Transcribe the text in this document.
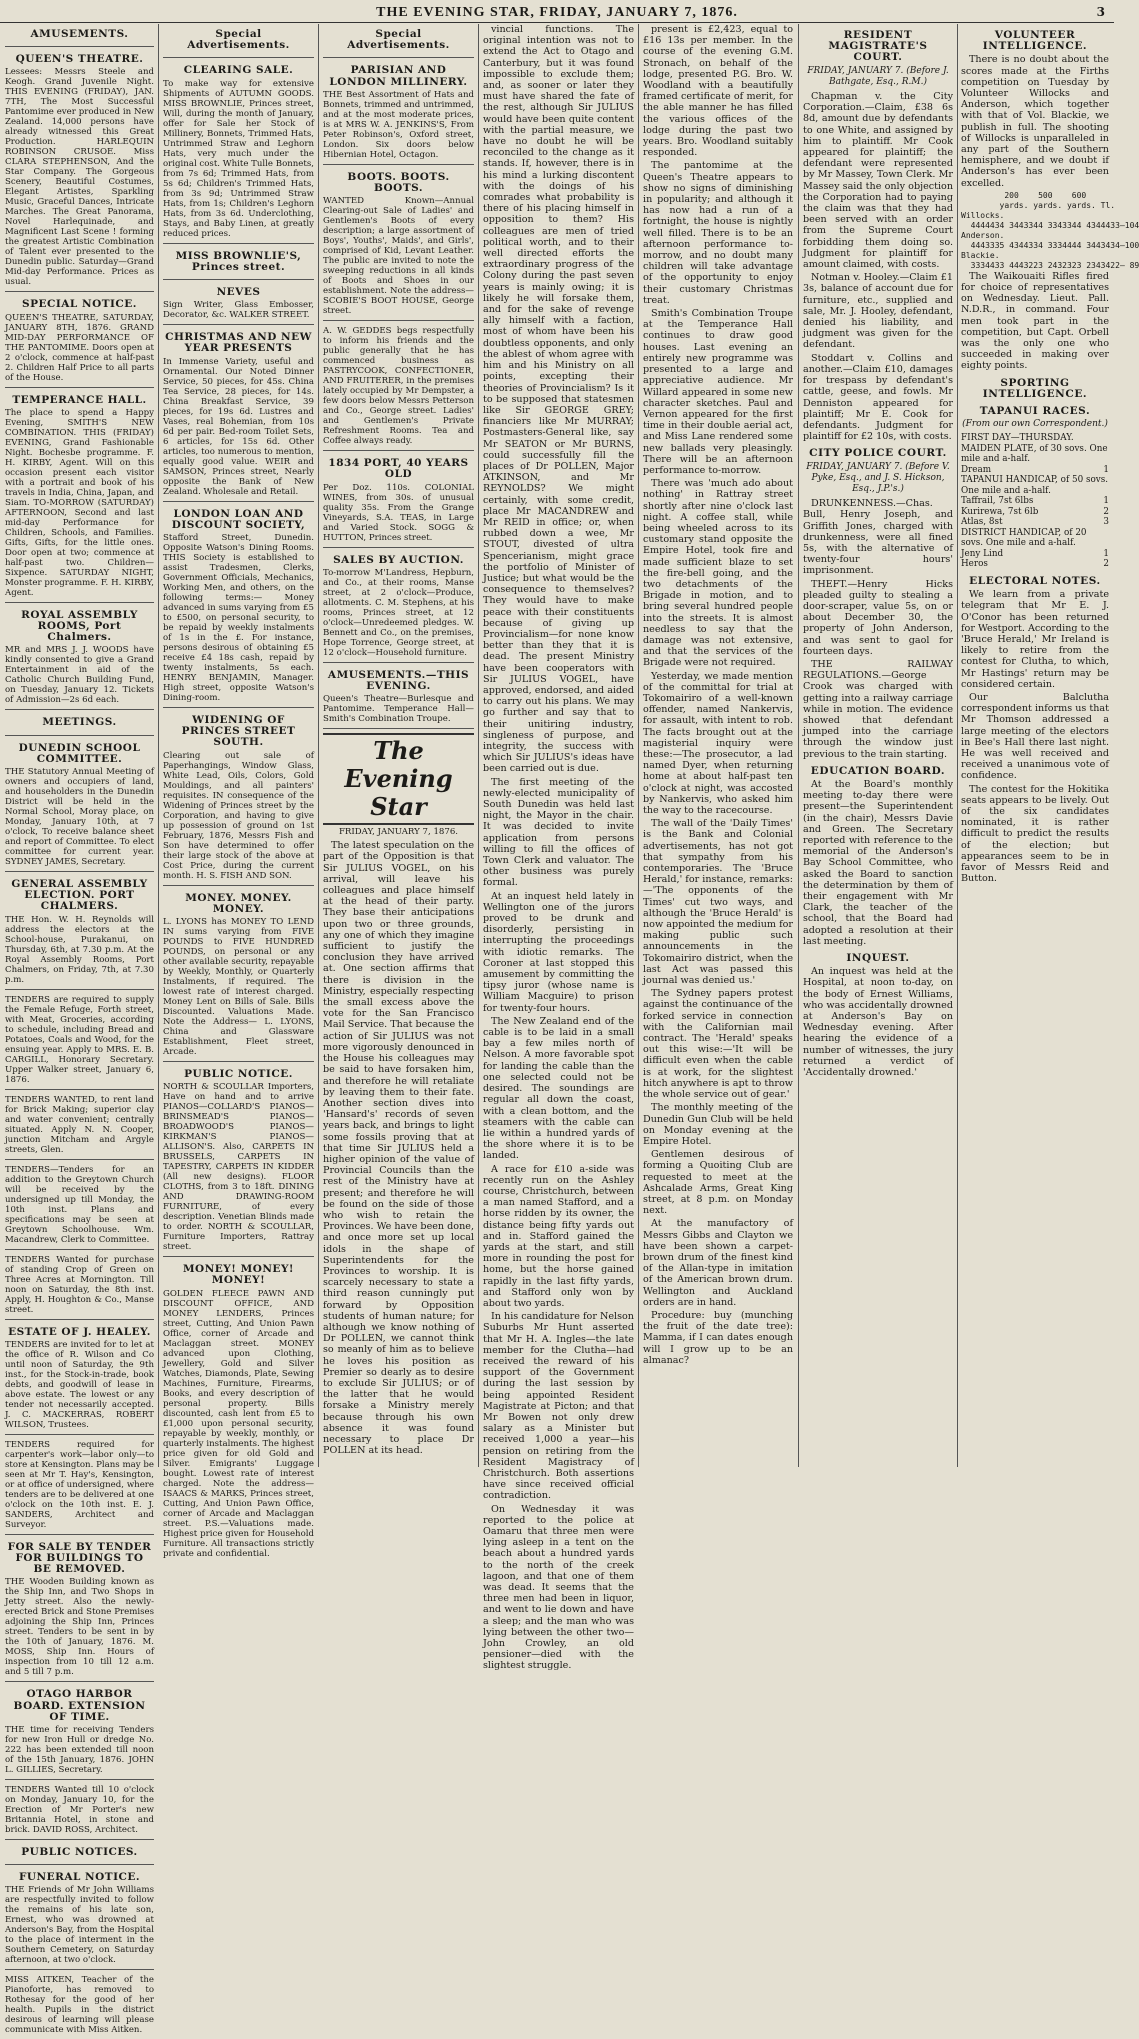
THE EVENING STAR, FRIDAY, JANUARY 7, 1876.	3
AMUSEMENTS.
QUEEN'S THEATRE.
Lessees: Messrs Steele and Keogh. Grand Juvenile Night. THIS EVENING (FRIDAY), JAN. 7TH, The Most Successful Pantomime ever produced in New Zealand. 14,000 persons have already witnessed this Great Production. HARLEQUIN ROBINSON CRUSOE. Miss CLARA STEPHENSON, And the Star Company. The Gorgeous Scenery, Beautiful Costumes, Elegant Artistes, Sparkling Music, Graceful Dances, Intricate Marches. The Great Panorama, Novel Harlequinade, and Magnificent Last Scene ! forming the greatest Artistic Combination of Talent ever presented to the Dunedin public. Saturday—Grand Mid-day Performance. Prices as usual.
SPECIAL NOTICE.
QUEEN'S THEATRE, SATURDAY, JANUARY 8TH, 1876. GRAND MID-DAY PERFORMANCE OF THE PANTOMIME. Doors open at 2 o'clock, commence at half-past 2. Children Half Price to all parts of the House.
TEMPERANCE HALL.
The place to spend a Happy Evening, SMITH'S NEW COMBINATION. THIS (FRIDAY) EVENING, Grand Fashionable Night. Bochesbe programme. F. H. KIRBY, Agent. Will on this occasion present each visitor with a portrait and book of his travels in India, China, Japan, and Siam. TO-MORROW (SATURDAY) AFTERNOON, Second and last mid-day Performance for Children, Schools, and Families. Gifts, Gifts, for the little ones. Door open at two; commence at half-past two. Children—Sixpence. SATURDAY NIGHT, Monster programme. F. H. KIRBY, Agent.
ROYAL ASSEMBLY ROOMS, Port Chalmers.
MR and MRS J. J. WOODS have kindly consented to give a Grand Entertainment in aid of the Catholic Church Building Fund, on Tuesday, January 12. Tickets of Admission—2s 6d each.
MEETINGS.
DUNEDIN SCHOOL COMMITTEE.
THE Statutory Annual Meeting of owners and occupiers of land, and householders in the Dunedin District will be held in the Normal School, Moray place, on Monday, January 10th, at 7 o'clock, To receive balance sheet and report of Committee. To elect committee for current year. SYDNEY JAMES, Secretary.
GENERAL ASSEMBLY ELECTION. PORT CHALMERS.
THE Hon. W. H. Reynolds will address the electors at the School-house, Purakanui, on Thursday, 6th, at 7.30 p.m. At the Royal Assembly Rooms, Port Chalmers, on Friday, 7th, at 7.30 p.m.
TENDERS are required to supply the Female Refuge, Forth street, with Meat, Groceries, according to schedule, including Bread and Potatoes, Coals and Wood, for the ensuing year. Apply to MRS. E. B. CARGILL, Honorary Secretary. Upper Walker street, January 6, 1876.
TENDERS WANTED, to rent land for Brick Making; superior clay and water convenient; centrally situated. Apply N. N. Cooper, junction Mitcham and Argyle streets, Glen.
TENDERS—Tenders for an addition to the Greytown Church will be received by the undersigned up till Monday, the 10th inst. Plans and specifications may be seen at Greytown Schoolhouse. Wm. Macandrew, Clerk to Committee.
TENDERS Wanted for purchase of standing Crop of Green on Three Acres at Mornington. Till noon on Saturday, the 8th inst. Apply, H. Houghton & Co., Manse street.
ESTATE OF J. HEALEY.
TENDERS are invited for to let at the office of R. Wilson and Co until noon of Saturday, the 9th inst., for the Stock-in-trade, book debts, and goodwill of lease in above estate. The lowest or any tender not necessarily accepted. J. C. MACKERRAS, ROBERT WILSON, Trustees.
TENDERS required for carpenter's work—labor only—to store at Kensington. Plans may be seen at Mr T. Hay's, Kensington, or at office of undersigned, where tenders are to be delivered at one o'clock on the 10th inst. E. J. SANDERS, Architect and Surveyor.
FOR SALE BY TENDER FOR BUILDINGS TO BE REMOVED.
THE Wooden Building known as the Ship Inn, and Two Shops in Jetty street. Also the newly-erected Brick and Stone Premises adjoining the Ship Inn, Princes street. Tenders to be sent in by the 10th of January, 1876. M. MOSS, Ship Inn. Hours of inspection from 10 till 12 a.m. and 5 till 7 p.m.
OTAGO HARBOR BOARD. EXTENSION OF TIME.
THE time for receiving Tenders for new Iron Hull or dredge No. 222 has been extended till noon of the 15th January, 1876. JOHN L. GILLIES, Secretary.
TENDERS Wanted till 10 o'clock on Monday, January 10, for the Erection of Mr Porter's new Britannia Hotel, in stone and brick. DAVID ROSS, Architect.
PUBLIC NOTICES.
FUNERAL NOTICE.
THE Friends of Mr John Williams are respectfully invited to follow the remains of his late son, Ernest, who was drowned at Anderson's Bay, from the Hospital to the place of interment in the Southern Cemetery, on Saturday afternoon, at two o'clock.
MISS AITKEN, Teacher of the Pianoforte, has removed to Rothesay for the good of her health. Pupils in the district desirous of learning will please communicate with Miss Aitken.
Special Advertisements.
CLEARING SALE.
To make way for extensive Shipments of AUTUMN GOODS. MISS BROWNLIE, Princes street, Will, during the month of January, offer for Sale her Stock of Millinery, Bonnets, Trimmed Hats, Untrimmed Straw and Leghorn Hats, very much under the original cost. White Tulle Bonnets, from 7s 6d; Trimmed Hats, from 5s 6d; Children's Trimmed Hats, from 3s 9d; Untrimmed Straw Hats, from 1s; Children's Leghorn Hats, from 3s 6d. Underclothing, Stays, and Baby Linen, at greatly reduced prices.
MISS BROWNLIE'S, Princes street.
NEVES
Sign Writer, Glass Embosser, Decorator, &c. WALKER STREET.
CHRISTMAS AND NEW YEAR PRESENTS
In Immense Variety, useful and Ornamental. Our Noted Dinner Service, 50 pieces, for 45s. China Tea Service, 28 pieces, for 14s. China Breakfast Service, 39 pieces, for 19s 6d. Lustres and Vases, real Bohemian, from 10s 6d per pair. Bed-room Toilet Sets, 6 articles, for 15s 6d. Other articles, too numerous to mention, equally good value. WEIR and SAMSON, Princes street, Nearly opposite the Bank of New Zealand. Wholesale and Retail.
LONDON LOAN AND DISCOUNT SOCIETY,
Stafford Street, Dunedin. Opposite Watson's Dining Rooms. THIS Society is established to assist Tradesmen, Clerks, Government Officials, Mechanics, Working Men, and others, on the following terms:— Money advanced in sums varying from £5 to £500, on personal security, to be repaid by weekly instalments of 1s in the £. For instance, persons desirous of obtaining £5 receive £4 18s cash, repaid by twenty instalments, 5s each. HENRY BENJAMIN, Manager. High street, opposite Watson's Dining-room.
WIDENING OF PRINCES STREET SOUTH.
Clearing out sale of Paperhangings, Window Glass, White Lead, Oils, Colors, Gold Mouldings, and all painters' requisites. IN consequence of the Widening of Princes street by the Corporation, and having to give up possession of ground on 1st February, 1876, Messrs Fish and Son have determined to offer their large stock of the above at Cost Price, during the current month. H. S. FISH AND SON.
MONEY. MONEY. MONEY.
L. LYONS has MONEY TO LEND IN sums varying from FIVE POUNDS to FIVE HUNDRED POUNDS, on personal or any other available security, repayable by Weekly, Monthly, or Quarterly Instalments, if required. The lowest rate of interest charged. Money Lent on Bills of Sale. Bills Discounted. Valuations Made. Note the Address— L. LYONS, China and Glassware Establishment, Fleet street, Arcade.
PUBLIC NOTICE.
NORTH & SCOULLAR Importers, Have on hand and to arrive PIANOS—COLLARD'S PIANOS—BRINSMEAD'S PIANOS—BROADWOOD'S PIANOS—KIRKMAN'S PIANOS—ALLISON'S. Also, CARPETS IN BRUSSELS, CARPETS IN TAPESTRY, CARPETS IN KIDDER (All new designs). FLOOR CLOTHS, from 3 to 18ft. DINING AND DRAWING-ROOM FURNITURE, of every description. Venetian Blinds made to order. NORTH & SCOULLAR, Furniture Importers, Rattray street.
MONEY! MONEY! MONEY!
GOLDEN FLEECE PAWN AND DISCOUNT OFFICE, AND MONEY LENDERS, Princes street, Cutting, And Union Pawn Office, corner of Arcade and Maclaggan street. MONEY advanced upon Clothing, Jewellery, Gold and Silver Watches, Diamonds, Plate, Sewing Machines, Furniture, Firearms, Books, and every description of personal property. Bills discounted, cash lent from £5 to £1,000 upon personal security, repayable by weekly, monthly, or quarterly instalments. The highest price given for old Gold and Silver. Emigrants' Luggage bought. Lowest rate of interest charged. Note the address— ISAACS & MARKS, Princes street, Cutting, And Union Pawn Office, corner of Arcade and Maclaggan street. P.S.—Valuations made. Highest price given for Household Furniture. All transactions strictly private and confidential.
Special Advertisements.
PARISIAN AND LONDON MILLINERY.
THE Best Assortment of Hats and Bonnets, trimmed and untrimmed, and at the most moderate prices, is at MRS W. A. JENKINS'S, From Peter Robinson's, Oxford street, London. Six doors below Hibernian Hotel, Octagon.
BOOTS. BOOTS. BOOTS.
WANTED Known—Annual Clearing-out Sale of Ladies' and Gentlemen's Boots of every description; a large assortment of Boys', Youths', Maids', and Girls', comprised of Kid, Levant Leather. The public are invited to note the sweeping reductions in all kinds of Boots and Shoes in our establishment. Note the address— SCOBIE'S BOOT HOUSE, George street.
A. W. GEDDES begs respectfully to inform his friends and the public generally that he has commenced business as PASTRYCOOK, CONFECTIONER, AND FRUITERER, in the premises lately occupied by Mr Dempster, a few doors below Messrs Petterson and Co., George street. Ladies' and Gentlemen's Private Refreshment Rooms. Tea and Coffee always ready.
1834 PORT, 40 YEARS OLD
Per Doz. 110s. COLONIAL WINES, from 30s. of unusual quality 35s. From the Grange Vineyards, S.A. TEAS, in Large and Varied Stock. SOGG & HUTTON, Princes street.
SALES BY AUCTION.
To-morrow M'Landress, Hepburn, and Co., at their rooms, Manse street, at 2 o'clock—Produce, allotments. C. M. Stephens, at his rooms, Princes street, at 12 o'clock—Unredeemed pledges. W. Bennett and Co., on the premises, Hope Torrence, George street, at 12 o'clock—Household furniture.
AMUSEMENTS.—THIS EVENING.
Queen's Theatre—Burlesque and Pantomime. Temperance Hall—Smith's Combination Troupe.
The Evening Star
FRIDAY, JANUARY 7, 1876.

The latest speculation on the part of the Opposition is that Sir JULIUS VOGEL, on his arrival, will leave his colleagues and place himself at the head of their party. They base their anticipations upon two or three grounds, any one of which they imagine sufficient to justify the conclusion they have arrived at. One section affirms that there is division in the Ministry, especially respecting the small excess above the vote for the San Francisco Mail Service. That because the action of Sir JULIUS was not more vigorously denounced in the House his colleagues may be said to have forsaken him, and therefore he will retaliate by leaving them to their fate. Another section dives into 'Hansard's' records of seven years back, and brings to light some fossils proving that at that time Sir JULIUS held a higher opinion of the value of Provincial Councils than the rest of the Ministry have at present; and therefore he will be found on the side of those who wish to retain the Provinces. We have been done, and once more set up local idols in the shape of Superintendents for the Provinces to worship. It is scarcely necessary to state a third reason cunningly put forward by Opposition students of human nature; for although we know nothing of Dr POLLEN, we cannot think so meanly of him as to believe he loves his position as Premier so dearly as to desire to exclude Sir JULIUS; or of the latter that he would forsake a Ministry merely because through his own absence it was found necessary to place Dr POLLEN at its head.

vincial functions. The original intention was not to extend the Act to Otago and Canterbury, but it was found impossible to exclude them; and, as sooner or later they must have shared the fate of the rest, although Sir JULIUS would have been quite content with the partial measure, we have no doubt he will be reconciled to the change as it stands. If, however, there is in his mind a lurking discontent with the doings of his comrades what probability is there of his placing himself in opposition to them? His colleagues are men of tried political worth, and to their well directed efforts the extraordinary progress of the Colony during the past seven years is mainly owing; it is likely he will forsake them, and for the sake of revenge ally himself with a faction, most of whom have been his doubtless opponents, and only the ablest of whom agree with him and his Ministry on all points, excepting their theories of Provincialism? Is it to be supposed that statesmen like Sir GEORGE GREY; financiers like Mr MURRAY; Postmasters-General like, say Mr SEATON or Mr BURNS, could successfully fill the places of Dr POLLEN, Major ATKINSON, and Mr REYNOLDS? We might certainly, with some credit, place Mr MACANDREW and Mr REID in office; or, when rubbed down a wee, Mr STOUT, divested of ultra Spencerianism, might grace the portfolio of Minister of Justice; but what would be the consequence to themselves? They would have to make peace with their constituents because of giving up Provincialism—for none know better than they that it is dead. The present Ministry have been cooperators with Sir JULIUS VOGEL, have approved, endorsed, and aided to carry out his plans. We may go further and say that to their unitiring industry, singleness of purpose, and integrity, the success with which Sir JULIUS's ideas have been carried out is due.

The first meeting of the newly-elected municipality of South Dunedin was held last night, the Mayor in the chair. It was decided to invite application from persons willing to fill the offices of Town Clerk and valuator. The other business was purely formal.

At an inquest held lately in Wellington one of the jurors proved to be drunk and disorderly, persisting in interrupting the proceedings with idiotic remarks. The Coroner at last stopped this amusement by committing the tipsy juror (whose name is William Macguire) to prison for twenty-four hours.

The New Zealand end of the cable is to be laid in a small bay a few miles north of Nelson. A more favorable spot for landing the cable than the one selected could not be desired. The soundings are regular all down the coast, with a clean bottom, and the steamers with the cable can lie within a hundred yards of the shore where it is to be landed.

A race for £10 a-side was recently run on the Ashley course, Christchurch, between a man named Stafford, and a horse ridden by its owner, the distance being fifty yards out and in. Stafford gained the yards at the start, and still more in rounding the post for home, but the horse gained rapidly in the last fifty yards, and Stafford only won by about two yards.

In his candidature for Nelson Suburbs Mr Hunt asserted that Mr H. A. Ingles—the late member for the Clutha—had received the reward of his support of the Government during the last session by being appointed Resident Magistrate at Picton; and that Mr Bowen not only drew salary as a Minister but received 1,000 a year—his pension on retiring from the Resident Magistracy of Christchurch. Both assertions have since received official contradiction.

On Wednesday it was reported to the police at Oamaru that three men were lying asleep in a tent on the beach about a hundred yards to the north of the creek lagoon, and that one of them was dead. It seems that the three men had been in liquor, and went to lie down and have a sleep; and the man who was lying between the other two—John Crowley, an old pensioner—died with the slightest struggle.

present is £2,423, equal to £16 13s per member. In the course of the evening G.M. Stronach, on behalf of the lodge, presented P.G. Bro. W. Woodland with a beautifully framed certificate of merit, for the able manner he has filled the various offices of the lodge during the past two years. Bro. Woodland suitably responded.

The pantomime at the Queen's Theatre appears to show no signs of diminishing in popularity; and although it has now had a run of a fortnight, the house is nightly well filled. There is to be an afternoon performance to-morrow, and no doubt many children will take advantage of the opportunity to enjoy their customary Christmas treat.

Smith's Combination Troupe at the Temperance Hall continues to draw good houses. Last evening an entirely new programme was presented to a large and appreciative audience. Mr Willard appeared in some new character sketches. Paul and Vernon appeared for the first time in their double aerial act, and Miss Lane rendered some new ballads very pleasingly. There will be an afternoon performance to-morrow.

There was 'much ado about nothing' in Rattray street shortly after nine o'clock last night. A coffee stall, while being wheeled across to its customary stand opposite the Empire Hotel, took fire and made sufficient blaze to set the fire-bell going, and the two detachments of the Brigade in motion, and to bring several hundred people into the streets. It is almost needless to say that the damage was not extensive, and that the services of the Brigade were not required.

Yesterday, we made mention of the committal for trial at Tokomairiro of a well-known offender, named Nankervis, for assault, with intent to rob. The facts brought out at the magisterial inquiry were these:—The prosecutor, a lad named Dyer, when returning home at about half-past ten o'clock at night, was accosted by Nankervis, who asked him the way to the racecourse.

The wall of the 'Daily Times' is the Bank and Colonial advertisements, has not got that sympathy from his contemporaries. The 'Bruce Herald,' for instance, remarks:—'The opponents of the Times' cut two ways, and although the 'Bruce Herald' is now appointed the medium for making public such announcements in the Tokomairiro district, when the last Act was passed this journal was denied us.'

The Sydney papers protest against the continuance of the forked service in connection with the Californian mail contract. The 'Herald' speaks out this wise:—'It will be difficult even when the cable is at work, for the slightest hitch anywhere is apt to throw the whole service out of gear.'

The monthly meeting of the Dunedin Gun Club will be held on Monday evening at the Empire Hotel.

Gentlemen desirous of forming a Quoiting Club are requested to meet at the Ashcalade Arms, Great King street, at 8 p.m. on Monday next.

At the manufactory of Messrs Gibbs and Clayton we have been shown a carpet-brown drum of the finest kind of the Allan-type in imitation of the American brown drum. Wellington and Auckland orders are in hand.

Procedure: buy (munching the fruit of the date tree): Mamma, if I can dates enough will I grow up to be an almanac?

RESIDENT MAGISTRATE'S COURT.
FRIDAY, JANUARY 7. (Before J. Bathgate, Esq., R.M.)

Chapman v. the City Corporation.—Claim, £38 6s 8d, amount due by defendants to one White, and assigned by him to plaintiff. Mr Cook appeared for plaintiff; the defendant were represented by Mr Massey, Town Clerk. Mr Massey said the only objection the Corporation had to paying the claim was that they had been served with an order from the Supreme Court forbidding them doing so. Judgment for plaintiff for amount claimed, with costs.

Notman v. Hooley.—Claim £1 3s, balance of account due for furniture, etc., supplied and sale, Mr. J. Hooley, defendant, denied his liability, and judgment was given for the defendant.

Stoddart v. Collins and another.—Claim £10, damages for trespass by defendant's cattle, geese, and fowls. Mr Denniston appeared for plaintiff; Mr E. Cook for defendants. Judgment for plaintiff for £2 10s, with costs.

CITY POLICE COURT.
FRIDAY, JANUARY 7. (Before V. Pyke, Esq., and J. S. Hickson, Esq., J.P.'s.)

DRUNKENNESS.—Chas. Bull, Henry Joseph, and Griffith Jones, charged with drunkenness, were all fined 5s, with the alternative of twenty-four hours' imprisonment.

THEFT.—Henry Hicks pleaded guilty to stealing a door-scraper, value 5s, on or about December 30, the property of John Anderson, and was sent to gaol for fourteen days.

THE RAILWAY REGULATIONS.—George Crook was charged with getting into a railway carriage while in motion. The evidence showed that defendant jumped into the carriage through the window just previous to the train starting.

EDUCATION BOARD.

At the Board's monthly meeting to-day there were present—the Superintendent (in the chair), Messrs Davie and Green. The Secretary reported with reference to the memorial of the Anderson's Bay School Committee, who asked the Board to sanction the determination by them of their engagement with Mr Clark, the teacher of the school, that the Board had adopted a resolution at their last meeting.

INQUEST.

An inquest was held at the Hospital, at noon to-day, on the body of Ernest Williams, who was accidentally drowned at Anderson's Bay on Wednesday evening. After hearing the evidence of a number of witnesses, the jury returned a verdict of 'Accidentally drowned.'

VOLUNTEER INTELLIGENCE.

There is no doubt about the scores made at the Firths competition on Tuesday by Volunteer Willocks and Anderson, which together with that of Vol. Blackie, we publish in full. The shooting of Willocks is unparalleled in any part of the Southern hemisphere, and we doubt if Anderson's has ever been excelled.

200    500    600
yards. yards. yards. Tl.
Willocks.
4444434 3443344 3343344 4344433—104
Anderson.
4443335 4344334 3334444 3443434—100
Blackie.
3334433 4443223 2432323 2343422— 89

The Waikouaiti Rifles fired for choice of representatives on Wednesday. Lieut. Pall. N.D.R., in command. Four men took part in the competition, but Capt. Orbell was the only one who succeeded in making over eighty points.

SPORTING INTELLIGENCE.
TAPANUI RACES.
(From our own Correspondent.)
FIRST DAY—THURSDAY.
MAIDEN PLATE, of 30 sovs. One mile and a-half.
Dream	1
TAPANUI HANDICAP, of 50 sovs. One mile and a-half.
Taffrail, 7st 6lbs	1
Kurirewa, 7st 6lb	2
Atlas, 8st	3
DISTRICT HANDICAP, of 20 sovs. One mile and a-half.
Jeny Lind	1
Heros	2
ELECTORAL NOTES.

We learn from a private telegram that Mr E. J. O'Conor has been returned for Westport. According to the 'Bruce Herald,' Mr Ireland is likely to retire from the contest for Clutha, to which, Mr Hastings' return may be considered certain.

Our Balclutha correspondent informs us that Mr Thomson addressed a large meeting of the electors in Bee's Hall there last night. He was well received and received a unanimous vote of confidence.

The contest for the Hokitika seats appears to be lively. Out of the six candidates nominated, it is rather difficult to predict the results of the election; but appearances seem to be in favor of Messrs Reid and Button.
